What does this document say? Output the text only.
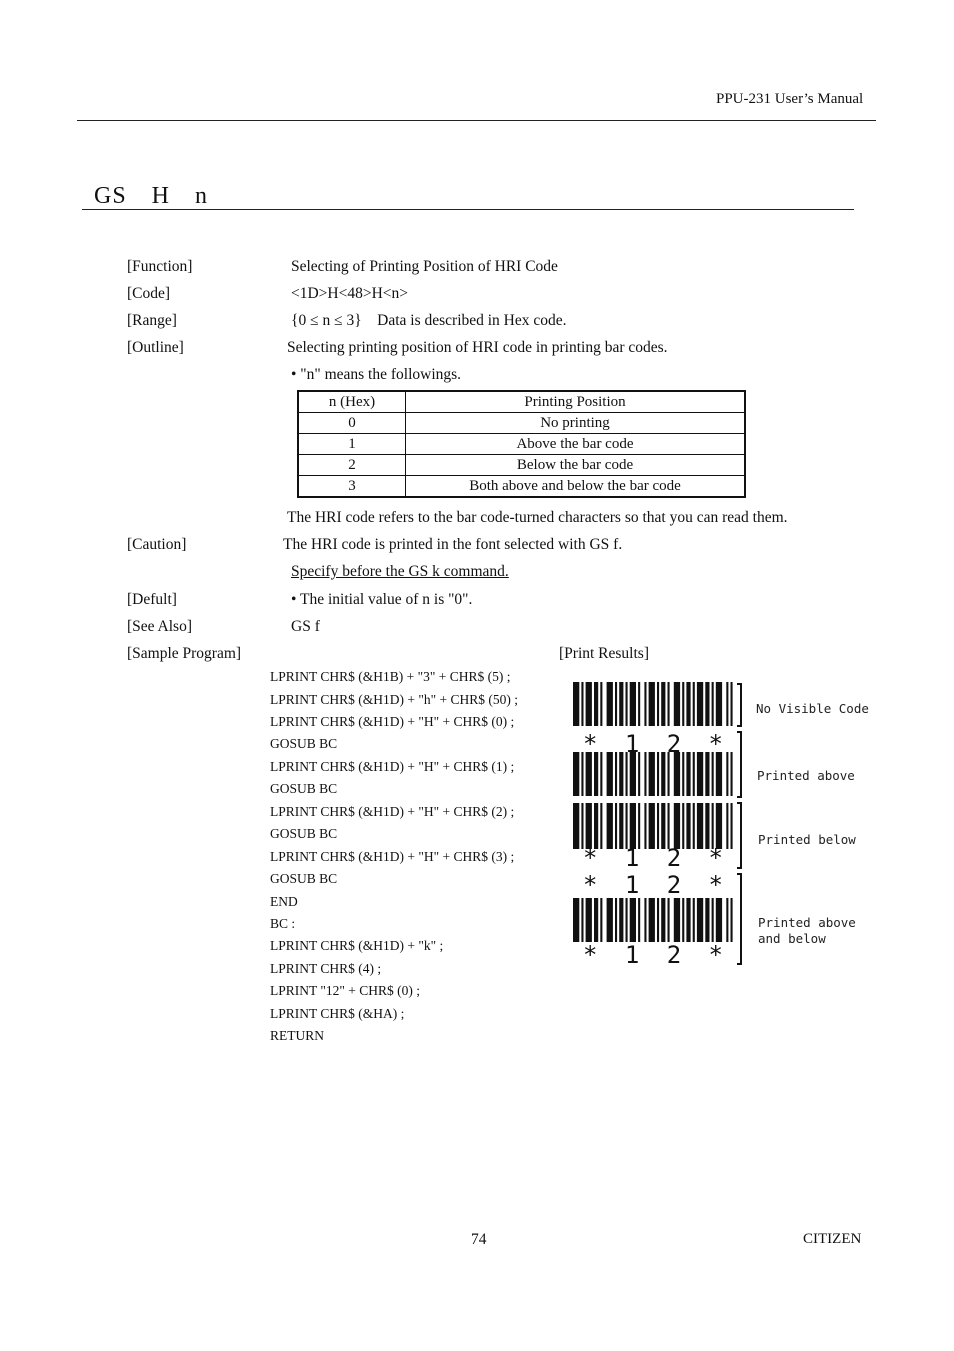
PPU-231 User’s Manual
GS H n
[Function]	Selecting of Printing Position of HRI Code
[Code]	<1D>H<48>H<n>
[Range]	{0 ≤ n ≤ 3}    Data is described in Hex code.
[Outline]	Selecting printing position of HRI code in printing bar codes.
• "n" means the followings.
n (Hex)	Printing Position
0	No printing
1	Above the bar code
2	Below the bar code
3	Both above and below the bar code
The HRI code refers to the bar code-turned characters so that you can read them.
[Caution]	The HRI code is printed in the font selected with GS f.
Specify before the GS k command.
[Defult]	• The initial value of n is "0".
[See Also]	GS f
[Sample Program]	[Print Results]
LPRINT CHR$ (&H1B) + "3" + CHR$ (5) ;
LPRINT CHR$ (&H1D) + "h" + CHR$ (50) ;
LPRINT CHR$ (&H1D) + "H" + CHR$ (0) ;
GOSUB BC
LPRINT CHR$ (&H1D) + "H" + CHR$ (1) ;
GOSUB BC
LPRINT CHR$ (&H1D) + "H" + CHR$ (2) ;
GOSUB BC
LPRINT CHR$ (&H1D) + "H" + CHR$ (3) ;
GOSUB BC
END
BC :
LPRINT CHR$ (&H1D) + "k" ;
LPRINT CHR$ (4) ;
LPRINT "12" + CHR$ (0) ;
LPRINT CHR$ (&HA) ;
RETURN
* 1 2 *
* 1 2 *
* 1 2 *
* 1 2 *
No Visible Code
Printed above
Printed below
Printed above
and below
74	CITIZEN
